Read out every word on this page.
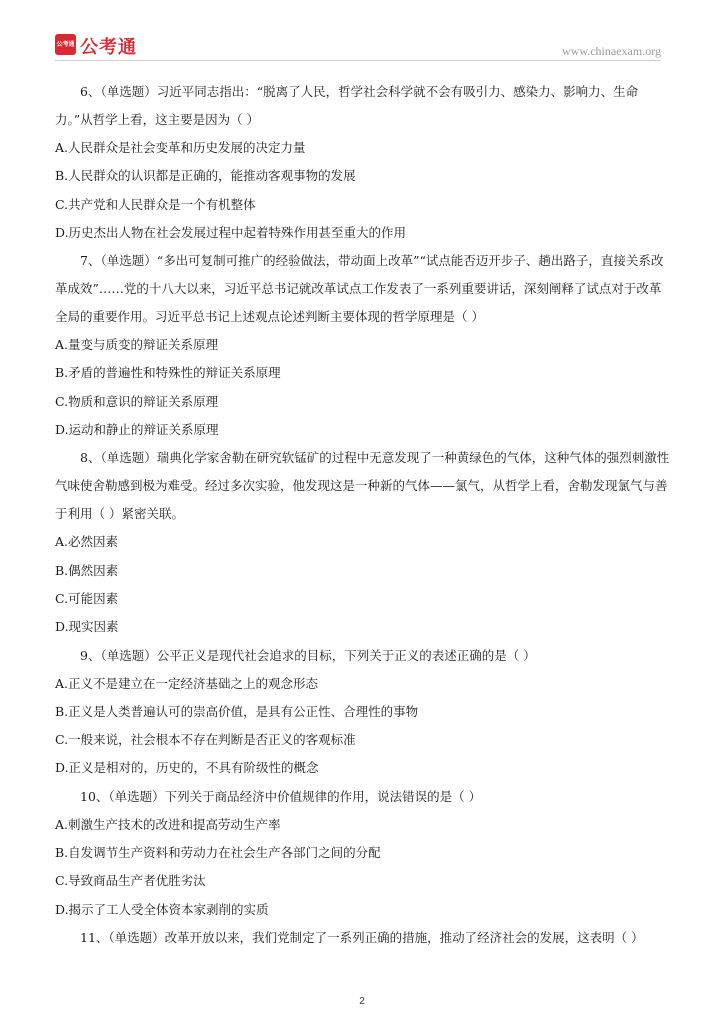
公考通 公考通	www.chinaexam.org

6、（单选题）习近平同志指出：“脱离了人民，哲学社会科学就不会有吸引力、感染力、影响力、生命力。”从哲学上看，这主要是因为（ ）

A.人民群众是社会变革和历史发展的决定力量

B.人民群众的认识都是正确的，能推动客观事物的发展

C.共产党和人民群众是一个有机整体

D.历史杰出人物在社会发展过程中起着特殊作用甚至重大的作用

7、（单选题）“多出可复制可推广的经验做法，带动面上改革”“试点能否迈开步子、趟出路子，直接关系改革成效”……党的十八大以来，习近平总书记就改革试点工作发表了一系列重要讲话，深刻阐释了试点对于改革全局的重要作用。习近平总书记上述观点论述判断主要体现的哲学原理是（ ）

A.量变与质变的辩证关系原理

B.矛盾的普遍性和特殊性的辩证关系原理

C.物质和意识的辩证关系原理

D.运动和静止的辩证关系原理

8、（单选题）瑞典化学家舍勒在研究软锰矿的过程中无意发现了一种黄绿色的气体，这种气体的强烈刺激性气味使舍勒感到极为难受。经过多次实验，他发现这是一种新的气体——氯气，从哲学上看，舍勒发现氯气与善于利用（ ）紧密关联。

A.必然因素

B.偶然因素

C.可能因素

D.现实因素

9、（单选题）公平正义是现代社会追求的目标，下列关于正义的表述正确的是（ ）

A.正义不是建立在一定经济基础之上的观念形态

B.正义是人类普遍认可的崇高价值，是具有公正性、合理性的事物

C.一般来说，社会根本不存在判断是否正义的客观标准

D.正义是相对的，历史的，不具有阶级性的概念

10、（单选题）下列关于商品经济中价值规律的作用，说法错误的是（ ）

A.刺激生产技术的改进和提高劳动生产率

B.自发调节生产资料和劳动力在社会生产各部门之间的分配

C.导致商品生产者优胜劣汰

D.揭示了工人受全体资本家剥削的实质

11、（单选题）改革开放以来，我们党制定了一系列正确的措施，推动了经济社会的发展，这表明（ ）

2
